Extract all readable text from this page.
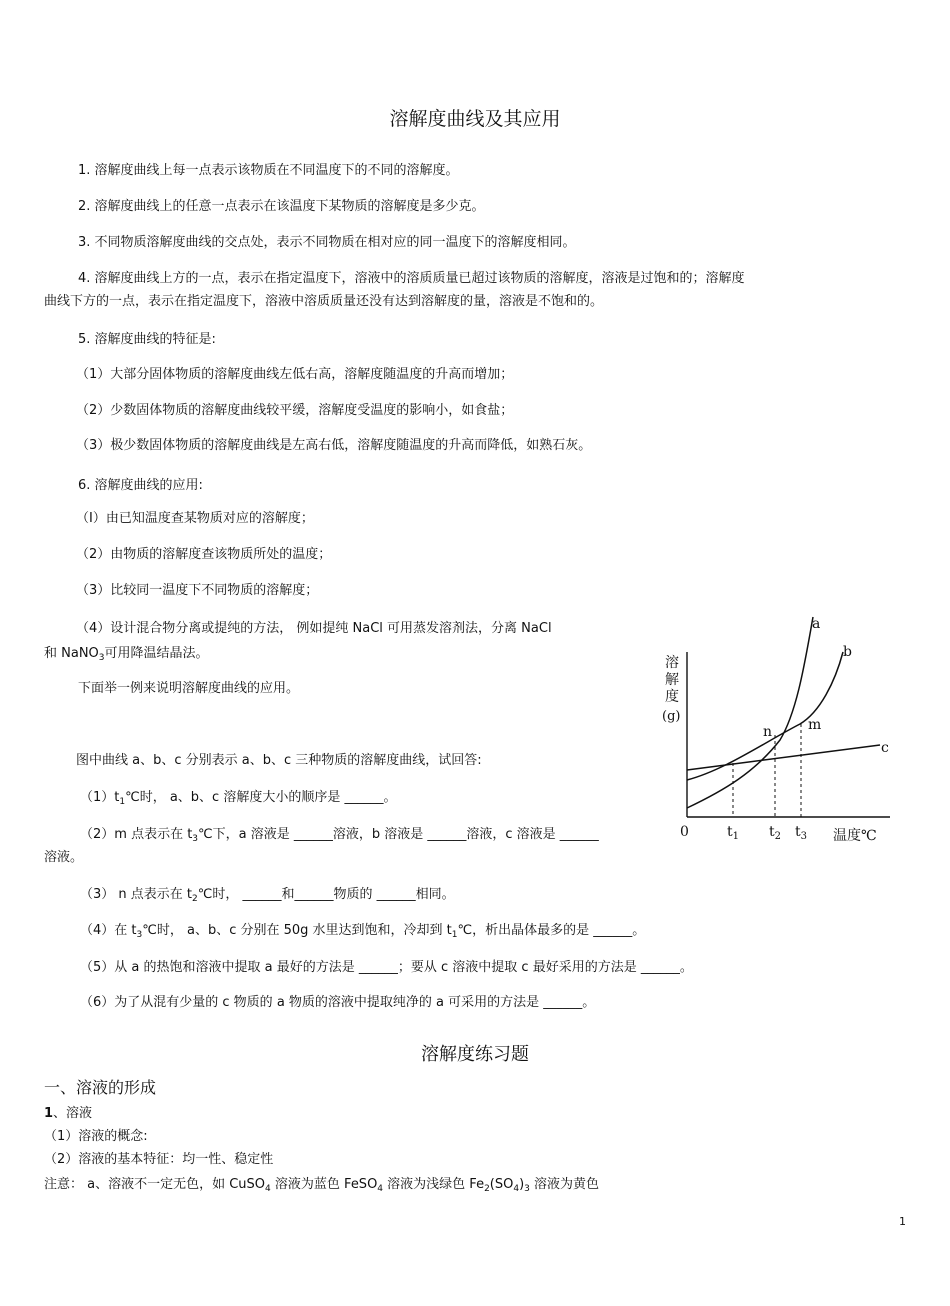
溶解度曲线及其应用
1. 溶解度曲线上每一点表示该物质在不同温度下的不同的溶解度。
2. 溶解度曲线上的任意一点表示在该温度下某物质的溶解度是多少克。
3. 不同物质溶解度曲线的交点处，表示不同物质在相对应的同一温度下的溶解度相同。
4. 溶解度曲线上方的一点，表示在指定温度下，溶液中的溶质质量已超过该物质的溶解度，溶液是过饱和的；溶解度
曲线下方的一点，表示在指定温度下，溶液中溶质质量还没有达到溶解度的量，溶液是不饱和的。
5. 溶解度曲线的特征是:
（1）大部分固体物质的溶解度曲线左低右高，溶解度随温度的升高而增加；
（2）少数固体物质的溶解度曲线较平缓，溶解度受温度的影响小，如食盐；
（3）极少数固体物质的溶解度曲线是左高右低，溶解度随温度的升高而降低，如熟石灰。
6. 溶解度曲线的应用:
（I）由已知温度查某物质对应的溶解度；
（2）由物质的溶解度查该物质所处的温度；
（3）比较同一温度下不同物质的溶解度；
（4）设计混合物分离或提纯的方法， 例如提纯 NaCl 可用蒸发溶剂法，分离 NaCl
和 NaNO$_3$可用降温结晶法。
下面举一例来说明溶解度曲线的应用。
图中曲线 a、b、c 分别表示 a、b、c 三种物质的溶解度曲线，试回答:
$(1)t_1℃$时， a、b、c 溶解度大小的顺序是 ______。
（2）m 点表示在 $t_3℃$下，a 溶液是 ______溶液，b 溶液是 ______溶液，c 溶液是 ______
溶液。
（3） n 点表示在 $t_2℃$时， ______和______物质的 ______相同。
（4）在 $t_3℃$时， a、b、c 分别在 50g 水里达到饱和，冷却到 $t_1℃$，析出晶体最多的是 ______。
（5）从 a 的热饱和溶液中提取 a 最好的方法是 ______；要从 c 溶液中提取 c 最好采用的方法是 ______。
（6）为了从混有少量的 c 物质的 a 物质的溶液中提取纯净的 a 可采用的方法是 ______。
溶
解
度
(g)
a
b
c
n	m
0	$t_1$ $t_2$ $t_3$ 温度℃
溶解度练习题
一、溶液的形成
1、溶液
（1）溶液的概念:
（2）溶液的基本特征：均一性、稳定性
注意： a、溶液不一定无色，如 CuSO$_4$ 溶液为蓝色 FeSO$_4$ 溶液为浅绿色 $Fe_2(SO_4)_3$ 溶液为黄色
1
